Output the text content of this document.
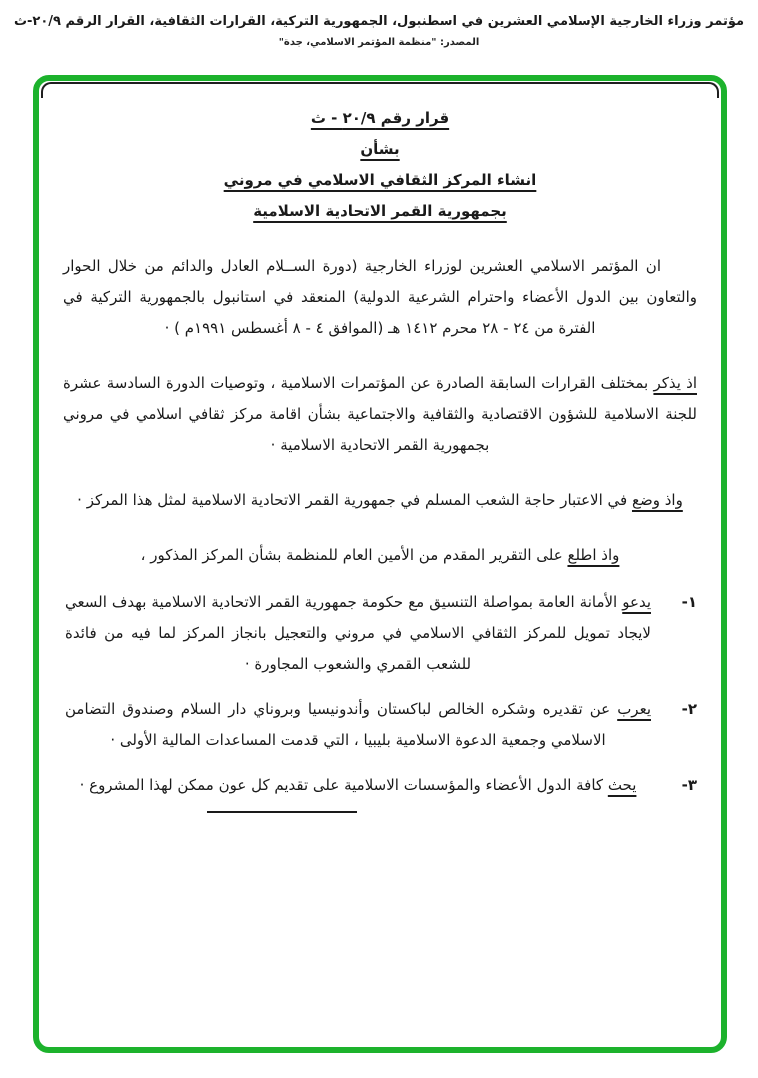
مؤتمر وزراء الخارجية الإسلامي العشرين في اسطنبول، الجمهورية التركية، القرارات الثقافية، القرار الرقم ٢٠/٩-ث
المصدر: "منظمة المؤتمر الاسلامي، جدة"
قرار رقم ٢٠/٩ - ث
بشأن
انشاء المركز الثقافي الاسلامي في مروني
بجمهورية القمر الاتحادية الاسلامية

ان المؤتمر الاسلامي العشرين لوزراء الخارجية (دورة الســلام العادل والدائم من خلال الحوار والتعاون بين الدول الأعضاء واحترام الشرعية الدولية) المنعقد في استانبول بالجمهورية التركية في الفترة من ٢٤ - ٢٨ محرم ١٤١٢ هـ (الموافق ٤ - ٨ أغسطس ١٩٩١م ) ·

اذ يذكر بمختلف القرارات السابقة الصادرة عن المؤتمرات الاسلامية ، وتوصيات الدورة السادسة عشرة للجنة الاسلامية للشؤون الاقتصادية والثقافية والاجتماعية بشأن اقامة مركز ثقافي اسلامي في مروني بجمهورية القمر الاتحادية الاسلامية ·

واذ وضع في الاعتبار حاجة الشعب المسلم في جمهورية القمر الاتحادية الاسلامية لمثل هذا المركز ·

واذ اطلع على التقرير المقدم من الأمين العام للمنظمة بشأن المركز المذكور ،

١-
يدعو الأمانة العامة بمواصلة التنسيق مع حكومة جمهورية القمر الاتحادية الاسلامية بهدف السعي لايجاد تمويل للمركز الثقافي الاسلامي في مروني والتعجيل بانجاز المركز لما فيه من فائدة للشعب القمري والشعوب المجاورة ·
٢-
يعرب عن تقديره وشكره الخالص لباكستان وأندونيسيا وبروناي دار السلام وصندوق التضامن الاسلامي وجمعية الدعوة الاسلامية بليبيا ، التي قدمت المساعدات المالية الأولى ·
٣-
يحث كافة الدول الأعضاء والمؤسسات الاسلامية على تقديم كل عون ممكن لهذا المشروع ·
